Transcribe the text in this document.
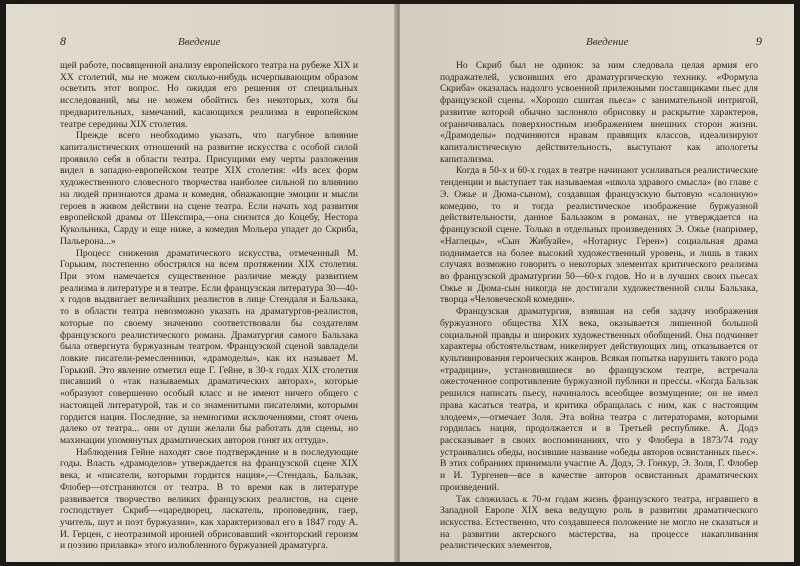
8	Введение

щей работе, посвященной анализу европейского театра на рубеже XIX и XX столетий, мы не можем сколько-нибудь исчерпывающим образом осветить этот вопрос. Но ожидая его решения от специальных исследований, мы не можем обойтись без некоторых, хотя бы предварительных, замечаний, касающихся реализма в европейском театре середины XIX столетия.

Прежде всего необходимо указать, что пагубное влияние капиталистических отношений на развитие искусства с особой силой проявило себя в области театра. Присущими ему черты разложения видел в западно-европейском театре XIX столетия: «Из всех форм художественного словесного творчества наиболее сильной по влиянию на людей признаются драма и комедия, обнажающие эмоции и мысли героев в живом действии на сцене театра. Если начать ход развития европейской драмы от Шекспира,—она снизится до Коцебу, Нестора Кукольника, Сарду и еще ниже, а комедия Мольера упадет до Скриба, Пальерона...»

Процесс снижения драматического искусства, отмеченный М. Горьким, постепенно обострялся на всем протяжении XIX столетия. При этом намечается существенное различие между развитием реализма в литературе и в театре. Если французская литература 30—40-х годов выдвигает величайших реалистов в лице Стендаля и Бальзака, то в области театра невозможно указать на драматургов-реалистов, которые по своему значению соответствовали бы создателям французского реалистического романа. Драматургия самого Бальзака была отвергнута буржуазным театром. Французской сценой завладели ловкие писатели-ремесленники, «драмоделы», как их называет М. Горький. Это явление отметил еще Г. Гейне, в 30-х годах XIX столетия писавший о «так называемых драматических авторах», которые «образуют совершенно особый класс и не имеют ничего общего с настоящей литературой, так и со знаменитыми писателями, которыми гордится нация. Последние, за немногими исключениями, стоят очень далеко от театра... они от души желали бы работать для сцены, но махинации упомянутых драматических авторов гонят их оттуда».

Наблюдения Гейне находят свое подтверждение и в последующие годы. Власть «драмоделов» утверждается на французской сцене XIX века, и «писатели, которыми гордится нация»,—Стендаль, Бальзак, Флобер—отстраняются от театра. В то время как в литературе развивается творчество великих французских реалистов, на сцене господствует Скриб—«царедворец, ласкатель, проповедник, гаер, учитель, шут и поэт буржуазии», как характеризовал его в 1847 году А. И. Герцен, с неотразимой иронией обрисовавший «конторский героизм и поэзию прилавка» этого излюбленного буржуазией драматурга.

Введение	9

Но Скриб был не одинок: за ним следовала целая армия его подражателей, усвоивших его драматургическую технику. «Формула Скриба» оказалась надолго усвоенной прилежными поставщиками пьес для французской сцены. «Хорошо сшитая пьеса» с занимательной интригой, развитие которой обычно заслоняло обрисовку и раскрытие характеров, ограничивалась поверхностным изображением внешних сторон жизни. «Драмоделы» подчиняются нравам правящих классов, идеализируют капиталистическую действительность, выступают как апологеты капитализма.

Когда в 50-х и 60-х годах в театре начинают усиливаться реалистические тенденции и выступает так называемая «школа здравого смысла» (во главе с Э. Ожье и Дюма-сыном), создавшая французскую бытовую «салонную» комедию, то и тогда реалистическое изображение буржуазной действительности, данное Бальзаком в романах, не утверждается на французской сцене. Только в отдельных произведениях Э. Ожье (например, «Наглецы», «Сын Жибуайе», «Нотариус Герен») социальная драма поднимается на более высокий художественный уровень, и лишь в таких случаях возможно говорить о некоторых элементах критического реализма во французской драматургии 50—60-х годов. Но и в лучших своих пьесах Ожье и Дюма-сын никогда не достигали художественной силы Бальзака, творца «Человеческой комедии».

Французская драматургия, взявшая на себя задачу изображения буржуазного общества XIX века, оказывается лишенной большой социальной правды и широких художественных обобщений. Она подчиняет характеры обстоятельствам, никелирует действующих лиц, отказывается от культивирования героических жанров. Всякая попытка нарушить такого рода «традиции», установившиеся во французском театре, встречала ожесточенное сопротивление буржуазной публики и прессы. «Когда Бальзак решился написать пьесу, начиналось всеобщее возмущение; он не имел права касаться театра, и критика обращалась с ним, как с настоящим злодеем»,—отмечает Золя. Эта война театра с литераторами, которыми гордилась нация, продолжается и в Третьей республике. А. Додэ рассказывает в своих воспоминаниях, что у Флобера в 1873/74 году устраивались обеды, носившие название «обеды авторов освистанных пьес». В этих собраниях принимали участие А. Додэ, Э. Гонкур, Э. Золя, Г. Флобер и И. Тургенев—все в качестве авторов освистанных драматических произведений.

Так сложилась к 70-м годам жизнь французского театра, игравшего в Западной Европе XIX века ведущую роль в развитии драматического искусства. Естественно, что создавшееся положение не могло не сказаться и на развитии актерского мастерства, на процессе накапливания реалистических элементов,
